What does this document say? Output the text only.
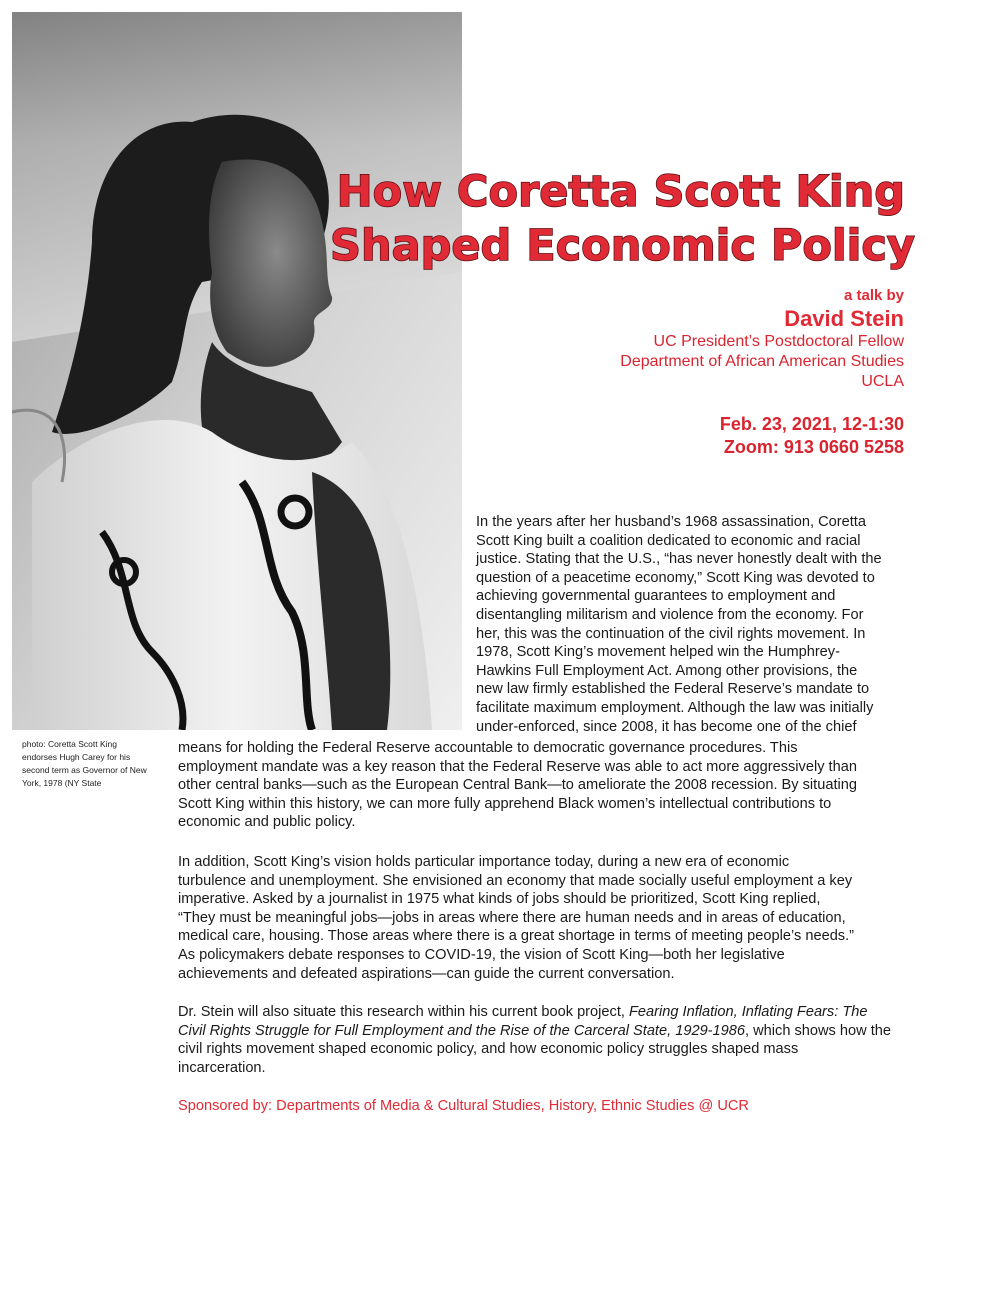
How Coretta Scott King
Shaped Economic Policy
a talk by
David Stein
UC President’s Postdoctoral Fellow
Department of African American Studies
UCLA
Feb. 23, 2021, 12-1:30
Zoom: 913 0660 5258
photo: Coretta Scott King endorses Hugh Carey for his second term as Governor of New York, 1978 (NY State

In the years after her husband’s 1968 assassination, Coretta
Scott King built a coalition dedicated to economic and racial
justice. Stating that the U.S., “has never honestly dealt with the
question of a peacetime economy,” Scott King was devoted to
achieving governmental guarantees to employment and
disentangling militarism and violence from the economy. For
her, this was the continuation of the civil rights movement. In
1978, Scott King’s movement helped win the Humphrey-
Hawkins Full Employment Act. Among other provisions, the
new law firmly established the Federal Reserve’s mandate to
facilitate maximum employment. Although the law was initially
under-enforced, since 2008, it has become one of the chief

means for holding the Federal Reserve accountable to democratic governance procedures. This
employment mandate was a key reason that the Federal Reserve was able to act more aggressively than
other central banks—such as the European Central Bank—to ameliorate the 2008 recession. By situating
Scott King within this history, we can more fully apprehend Black women’s intellectual contributions to
economic and public policy.

In addition, Scott King’s vision holds particular importance today, during a new era of economic
turbulence and unemployment. She envisioned an economy that made socially useful employment a key
imperative. Asked by a journalist in 1975 what kinds of jobs should be prioritized, Scott King replied,
“They must be meaningful jobs—jobs in areas where there are human needs and in areas of education,
medical care, housing. Those areas where there is a great shortage in terms of meeting people’s needs.”
As policymakers debate responses to COVID-19, the vision of Scott King—both her legislative
achievements and defeated aspirations—can guide the current conversation.

Dr. Stein will also situate this research within his current book project, Fearing Inflation, Inflating Fears: The
Civil Rights Struggle for Full Employment and the Rise of the Carceral State, 1929-1986, which shows how the
civil rights movement shaped economic policy, and how economic policy struggles shaped mass
incarceration.

Sponsored by: Departments of Media & Cultural Studies, History, Ethnic Studies @ UCR
